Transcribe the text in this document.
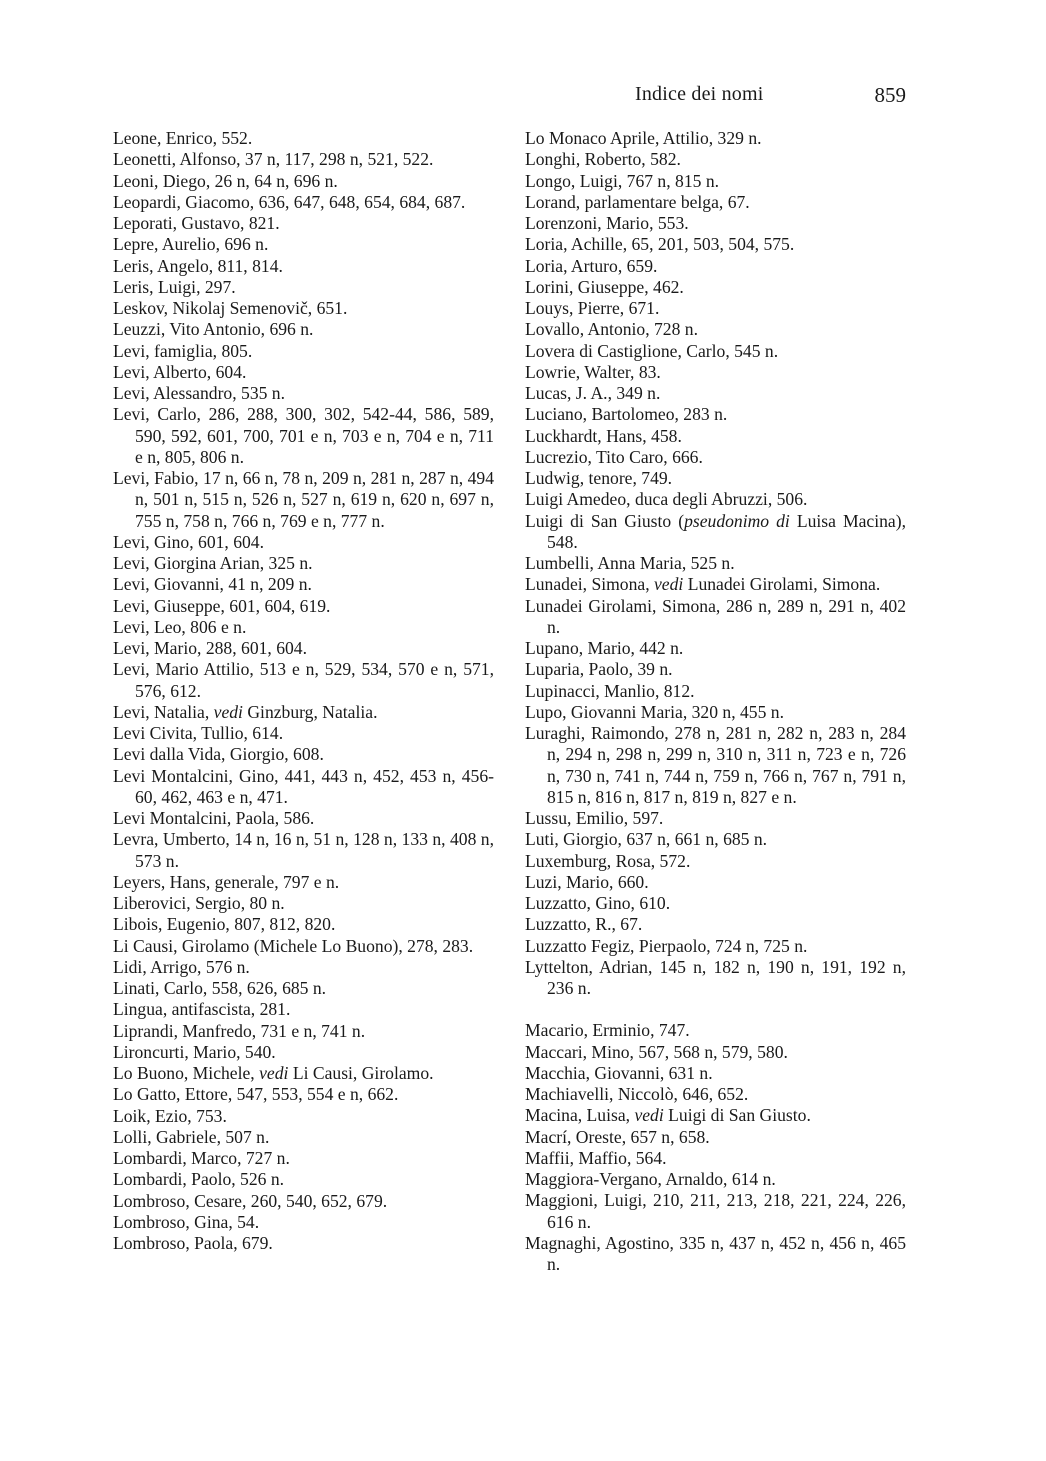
Indice dei nomi	859
Leone, Enrico, 552.
Leonetti, Alfonso, 37 n, 117, 298 n, 521, 522.
Leoni, Diego, 26 n, 64 n, 696 n.
Leopardi, Giacomo, 636, 647, 648, 654, 684, 687.
Leporati, Gustavo, 821.
Lepre, Aurelio, 696 n.
Leris, Angelo, 811, 814.
Leris, Luigi, 297.
Leskov, Nikolaj Semenovič, 651.
Leuzzi, Vito Antonio, 696 n.
Levi, famiglia, 805.
Levi, Alberto, 604.
Levi, Alessandro, 535 n.
Levi, Carlo, 286, 288, 300, 302, 542-44, 586, 589, 590, 592, 601, 700, 701 e n, 703 e n, 704 e n, 711 e n, 805, 806 n.
Levi, Fabio, 17 n, 66 n, 78 n, 209 n, 281 n, 287 n, 494 n, 501 n, 515 n, 526 n, 527 n, 619 n, 620 n, 697 n, 755 n, 758 n, 766 n, 769 e n, 777 n.
Levi, Gino, 601, 604.
Levi, Giorgina Arian, 325 n.
Levi, Giovanni, 41 n, 209 n.
Levi, Giuseppe, 601, 604, 619.
Levi, Leo, 806 e n.
Levi, Mario, 288, 601, 604.
Levi, Mario Attilio, 513 e n, 529, 534, 570 e n, 571, 576, 612.
Levi, Natalia, vedi Ginzburg, Natalia.
Levi Civita, Tullio, 614.
Levi dalla Vida, Giorgio, 608.
Levi Montalcini, Gino, 441, 443 n, 452, 453 n, 456-60, 462, 463 e n, 471.
Levi Montalcini, Paola, 586.
Levra, Umberto, 14 n, 16 n, 51 n, 128 n, 133 n, 408 n, 573 n.
Leyers, Hans, generale, 797 e n.
Liberovici, Sergio, 80 n.
Libois, Eugenio, 807, 812, 820.
Li Causi, Girolamo (Michele Lo Buono), 278, 283.
Lidi, Arrigo, 576 n.
Linati, Carlo, 558, 626, 685 n.
Lingua, antifascista, 281.
Liprandi, Manfredo, 731 e n, 741 n.
Lironcurti, Mario, 540.
Lo Buono, Michele, vedi Li Causi, Girolamo.
Lo Gatto, Ettore, 547, 553, 554 e n, 662.
Loik, Ezio, 753.
Lolli, Gabriele, 507 n.
Lombardi, Marco, 727 n.
Lombardi, Paolo, 526 n.
Lombroso, Cesare, 260, 540, 652, 679.
Lombroso, Gina, 54.
Lombroso, Paola, 679.
Lo Monaco Aprile, Attilio, 329 n.
Longhi, Roberto, 582.
Longo, Luigi, 767 n, 815 n.
Lorand, parlamentare belga, 67.
Lorenzoni, Mario, 553.
Loria, Achille, 65, 201, 503, 504, 575.
Loria, Arturo, 659.
Lorini, Giuseppe, 462.
Louys, Pierre, 671.
Lovallo, Antonio, 728 n.
Lovera di Castiglione, Carlo, 545 n.
Lowrie, Walter, 83.
Lucas, J. A., 349 n.
Luciano, Bartolomeo, 283 n.
Luckhardt, Hans, 458.
Lucrezio, Tito Caro, 666.
Ludwig, tenore, 749.
Luigi Amedeo, duca degli Abruzzi, 506.
Luigi di San Giusto (pseudonimo di Luisa Macina), 548.
Lumbelli, Anna Maria, 525 n.
Lunadei, Simona, vedi Lunadei Girolami, Simona.
Lunadei Girolami, Simona, 286 n, 289 n, 291 n, 402 n.
Lupano, Mario, 442 n.
Luparia, Paolo, 39 n.
Lupinacci, Manlio, 812.
Lupo, Giovanni Maria, 320 n, 455 n.
Luraghi, Raimondo, 278 n, 281 n, 282 n, 283 n, 284 n, 294 n, 298 n, 299 n, 310 n, 311 n, 723 e n, 726 n, 730 n, 741 n, 744 n, 759 n, 766 n, 767 n, 791 n, 815 n, 816 n, 817 n, 819 n, 827 e n.
Lussu, Emilio, 597.
Luti, Giorgio, 637 n, 661 n, 685 n.
Luxemburg, Rosa, 572.
Luzi, Mario, 660.
Luzzatto, Gino, 610.
Luzzatto, R., 67.
Luzzatto Fegiz, Pierpaolo, 724 n, 725 n.
Lyttelton, Adrian, 145 n, 182 n, 190 n, 191, 192 n, 236 n.
Macario, Erminio, 747.
Maccari, Mino, 567, 568 n, 579, 580.
Macchia, Giovanni, 631 n.
Machiavelli, Niccolò, 646, 652.
Macina, Luisa, vedi Luigi di San Giusto.
Macrí, Oreste, 657 n, 658.
Maffii, Maffio, 564.
Maggiora-Vergano, Arnaldo, 614 n.
Maggioni, Luigi, 210, 211, 213, 218, 221, 224, 226, 616 n.
Magnaghi, Agostino, 335 n, 437 n, 452 n, 456 n, 465 n.
